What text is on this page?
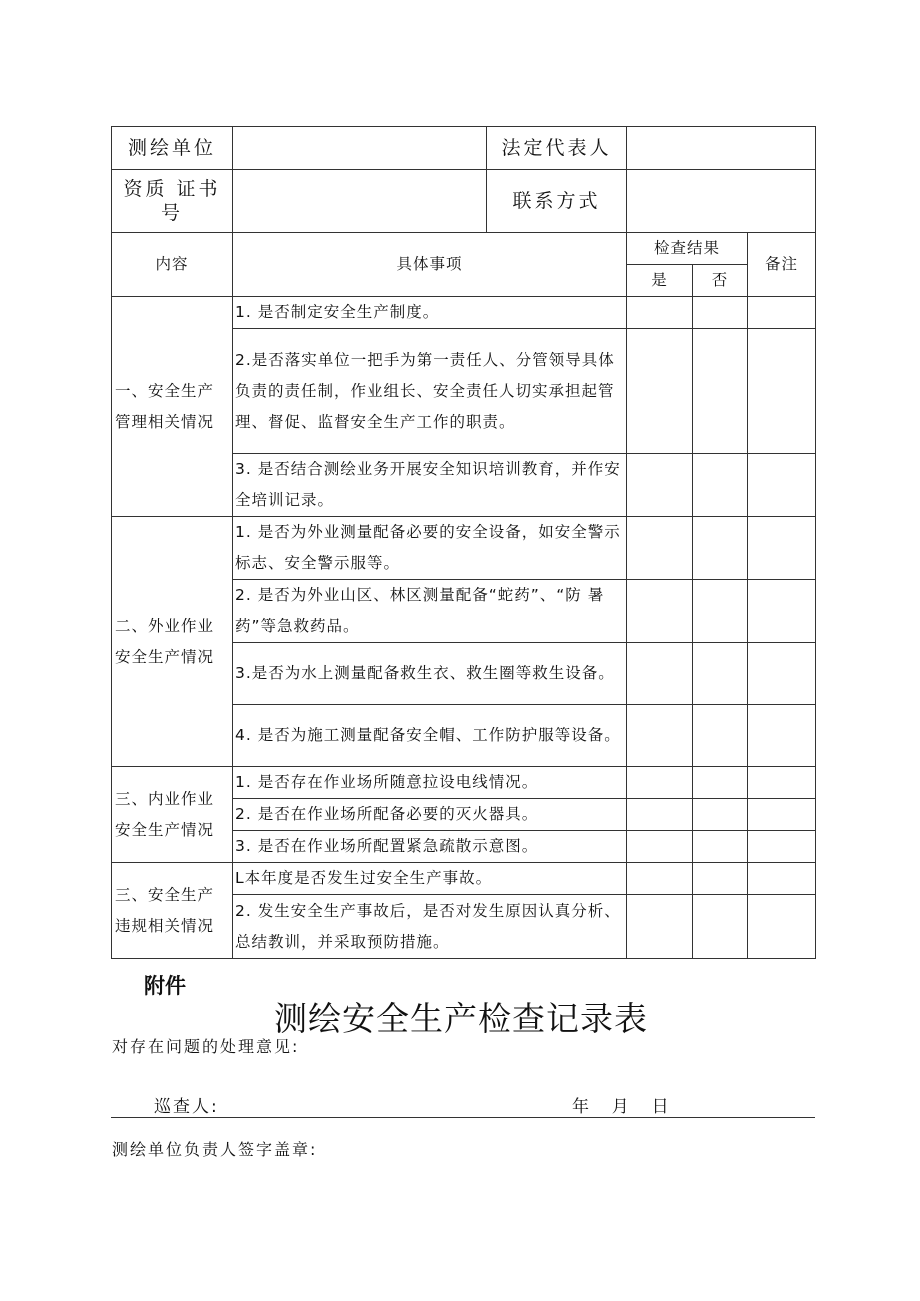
测绘单位		法定代表人			
资质 证书号		联系方式			
内容	具体事项		检查结果		备注
			是	否	
一、安全生产管理相关情况	1. 是否制定安全生产制度。				
	2.是否落实单位一把手为第一责任人、分管领导具体负责的责任制，作业组长、安全责任人切实承担起管理、督促、监督安全生产工作的职责。				
	3. 是否结合测绘业务开展安全知识培训教育，并作安全培训记录。				
二、外业作业安全生产情况	1. 是否为外业测量配备必要的安全设备，如安全警示标志、安全警示服等。				
	2. 是否为外业山区、林区测量配备“蛇药”、“防 暑药”等急救药品。				
	3.是否为水上测量配备救生衣、救生圈等救生设备。				
	4. 是否为施工测量配备安全帽、工作防护服等设备。				
三、内业作业安全生产情况	1. 是否存在作业场所随意拉设电线情况。				
	2. 是否在作业场所配备必要的灭火器具。				
	3. 是否在作业场所配置紧急疏散示意图。				
三、安全生产违规相关情况	L本年度是否发生过安全生产事故。				
	2. 发生安全生产事故后，是否对发生原因认真分析、总结教训，并采取预防措施。				
附件
测绘安全生产检查记录表
对存在问题的处理意见:
巡查人:	年  月  日
测绘单位负责人签字盖章:
